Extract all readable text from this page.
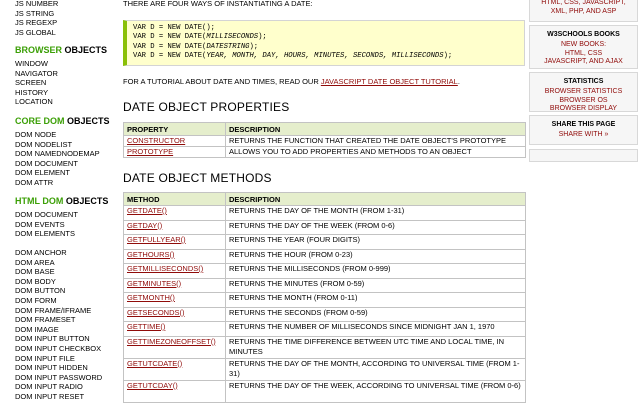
JS NUMBER
JS STRING
JS REGEXP
JS GLOBAL
BROWSER OBJECTS
WINDOW
NAVIGATOR
SCREEN
HISTORY
LOCATION
CORE DOM OBJECTS
DOM NODE
DOM NODELIST
DOM NAMEDNODEMAP
DOM DOCUMENT
DOM ELEMENT
DOM ATTR
HTML DOM OBJECTS
DOM DOCUMENT
DOM EVENTS
DOM ELEMENTS
DOM ANCHOR
DOM AREA
DOM BASE
DOM BODY
DOM BUTTON
DOM FORM
DOM FRAME/IFRAME
DOM FRAMESET
DOM IMAGE
DOM INPUT BUTTON
DOM INPUT CHECKBOX
DOM INPUT FILE
DOM INPUT HIDDEN
DOM INPUT PASSWORD
DOM INPUT RADIO
DOM INPUT RESET
THERE ARE FOUR WAYS OF INSTANTIATING A DATE:
VAR D = NEW DATE();
VAR D = NEW DATE(MILLISECONDS);
VAR D = NEW DATE(DATESTRING);
VAR D = NEW DATE(YEAR, MONTH, DAY, HOURS, MINUTES, SECONDS, MILLISECONDS);
FOR A TUTORIAL ABOUT DATE AND TIMES, READ OUR JAVASCRIPT DATE OBJECT TUTORIAL.
DATE OBJECT PROPERTIES
PROPERTY	DESCRIPTION
CONSTRUCTOR	RETURNS THE FUNCTION THAT CREATED THE DATE OBJECT'S PROTOTYPE
PROTOTYPE	ALLOWS YOU TO ADD PROPERTIES AND METHODS TO AN OBJECT
DATE OBJECT METHODS
METHOD	DESCRIPTION
GETDATE()	RETURNS THE DAY OF THE MONTH (FROM 1-31)
GETDAY()	RETURNS THE DAY OF THE WEEK (FROM 0-6)
GETFULLYEAR()	RETURNS THE YEAR (FOUR DIGITS)
GETHOURS()	RETURNS THE HOUR (FROM 0-23)
GETMILLISECONDS()	RETURNS THE MILLISECONDS (FROM 0-999)
GETMINUTES()	RETURNS THE MINUTES (FROM 0-59)
GETMONTH()	RETURNS THE MONTH (FROM 0-11)
GETSECONDS()	RETURNS THE SECONDS (FROM 0-59)
GETTIME()	RETURNS THE NUMBER OF MILLISECONDS SINCE MIDNIGHT JAN 1, 1970
GETTIMEZONEOFFSET()	RETURNS THE TIME DIFFERENCE BETWEEN UTC TIME AND LOCAL TIME, IN MINUTES
GETUTCDATE()	RETURNS THE DAY OF THE MONTH, ACCORDING TO UNIVERSAL TIME (FROM 1-31)
GETUTCDAY()	RETURNS THE DAY OF THE WEEK, ACCORDING TO UNIVERSAL TIME (FROM 0-6)
HTML, CSS, JAVASCRIPT,
XML, PHP, AND ASP
W3SCHOOLS BOOKS
NEW BOOKS:
HTML, CSS
JAVASCRIPT, AND AJAX
STATISTICS
BROWSER STATISTICS
BROWSER OS
BROWSER DISPLAY
SHARE THIS PAGE
SHARE WITH »
